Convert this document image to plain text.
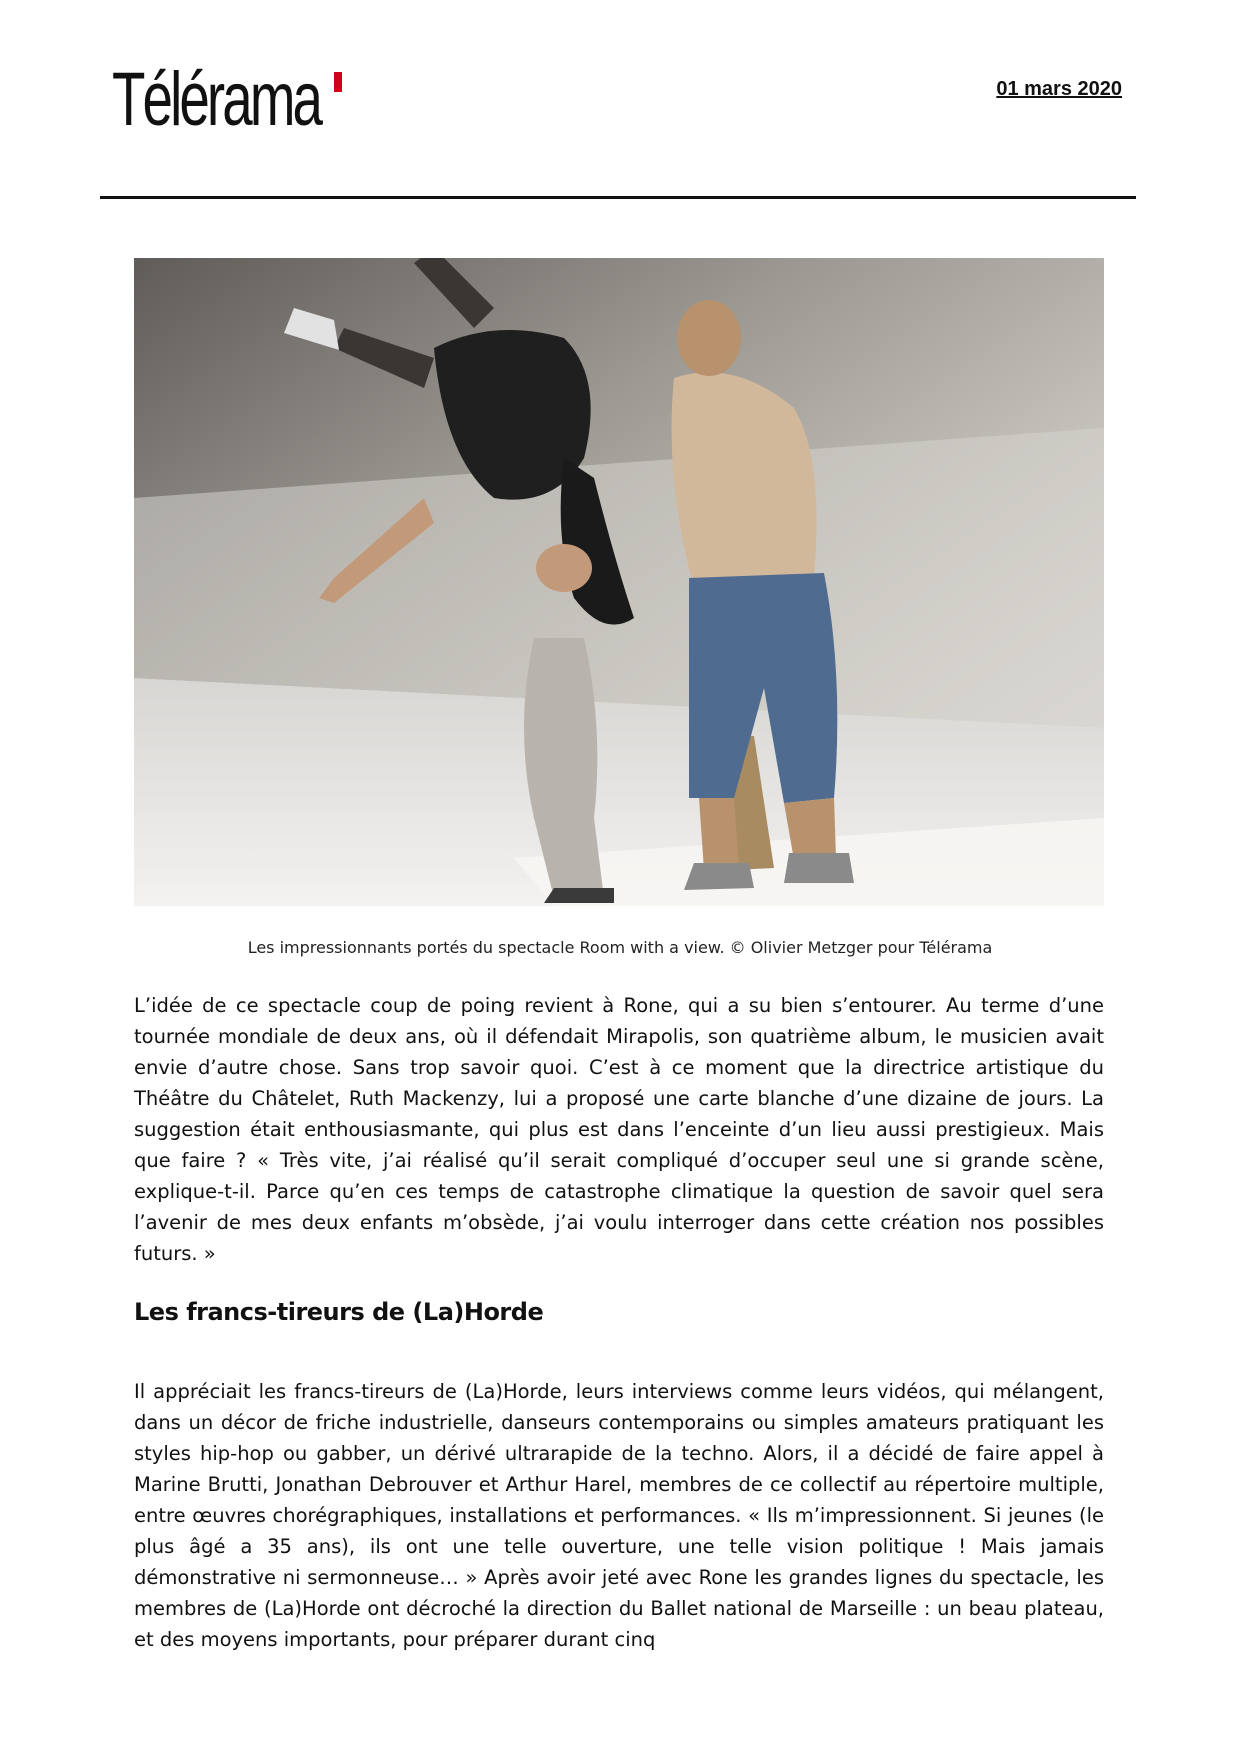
Télérama	01 mars 2020
Les impressionnants portés du spectacle Room with a view. © Olivier Metzger pour Télérama

L’idée de ce spectacle coup de poing revient à Rone, qui a su bien s’entourer. Au terme d’une tournée mondiale de deux ans, où il défendait Mirapolis, son quatrième album, le musicien avait envie d’autre chose. Sans trop savoir quoi. C’est à ce moment que la directrice artistique du Théâtre du Châtelet, Ruth Mackenzy, lui a proposé une carte blanche d’une dizaine de jours. La suggestion était enthousiasmante, qui plus est dans l’enceinte d’un lieu aussi prestigieux. Mais que faire ? « Très vite, j’ai réalisé qu’il serait compliqué d’occuper seul une si grande scène, explique-t-il. Parce qu’en ces temps de catastrophe climatique la question de savoir quel sera l’avenir de mes deux enfants m’obsède, j’ai voulu interroger dans cette création nos possibles futurs. »

Les francs-tireurs de (La)Horde

Il appréciait les francs-tireurs de (La)Horde, leurs interviews comme leurs vidéos, qui mélangent, dans un décor de friche industrielle, danseurs contemporains ou simples amateurs pratiquant les styles hip-hop ou gabber, un dérivé ultrarapide de la techno. Alors, il a décidé de faire appel à Marine Brutti, Jonathan Debrouver et Arthur Harel, membres de ce collectif au répertoire multiple, entre œuvres chorégraphiques, installations et performances. « Ils m’impressionnent. Si jeunes (le plus âgé a 35 ans), ils ont une telle ouverture, une telle vision politique ! Mais jamais démonstrative ni sermonneuse… » Après avoir jeté avec Rone les grandes lignes du spectacle, les membres de (La)Horde ont décroché la direction du Ballet national de Marseille : un beau plateau, et des moyens importants, pour préparer durant cinq
